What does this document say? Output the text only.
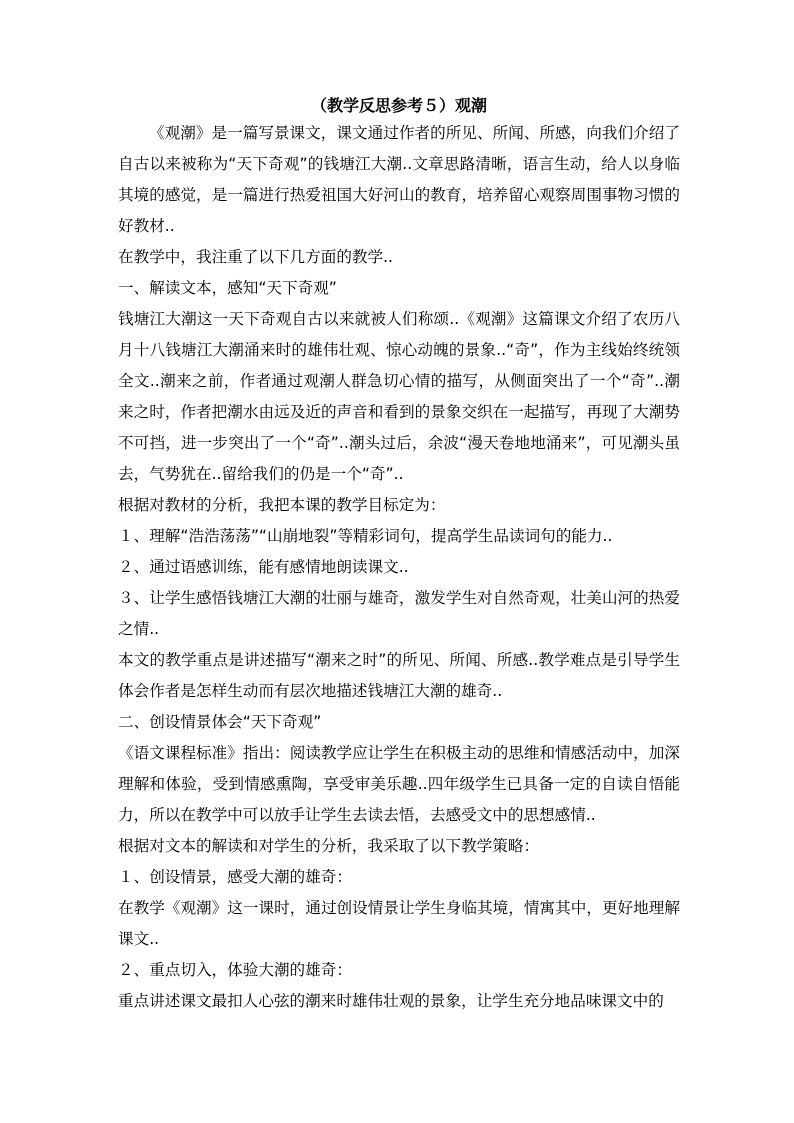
（教学反思参考５）观潮

《观潮》是一篇写景课文，课文通过作者的所见、所闻、所感，向我们介绍了自古以来被称为“天下奇观”的钱塘江大潮..文章思路清晰，语言生动，给人以身临其境的感觉，是一篇进行热爱祖国大好河山的教育，培养留心观察周围事物习惯的好教材..

在教学中，我注重了以下几方面的教学..

一、解读文本，感知“天下奇观”

钱塘江大潮这一天下奇观自古以来就被人们称颂..《观潮》这篇课文介绍了农历八月十八钱塘江大潮涌来时的雄伟壮观、惊心动魄的景象..“奇”，作为主线始终统领全文..潮来之前，作者通过观潮人群急切心情的描写，从侧面突出了一个“奇”..潮来之时，作者把潮水由远及近的声音和看到的景象交织在一起描写，再现了大潮势不可挡，进一步突出了一个“奇”..潮头过后，余波“漫天卷地地涌来”，可见潮头虽去，气势犹在..留给我们的仍是一个“奇”..

根据对教材的分析，我把本课的教学目标定为：

１、理解“浩浩荡荡”“山崩地裂”等精彩词句，提高学生品读词句的能力..

２、通过语感训练，能有感情地朗读课文..

３、让学生感悟钱塘江大潮的壮丽与雄奇，激发学生对自然奇观，壮美山河的热爱之情..

本文的教学重点是讲述描写“潮来之时”的所见、所闻、所感..教学难点是引导学生体会作者是怎样生动而有层次地描述钱塘江大潮的雄奇..

二、创设情景体会“天下奇观”

《语文课程标准》指出：阅读教学应让学生在积极主动的思维和情感活动中，加深理解和体验，受到情感熏陶，享受审美乐趣..四年级学生已具备一定的自读自悟能力，所以在教学中可以放手让学生去读去悟，去感受文中的思想感情..

根据对文本的解读和对学生的分析，我采取了以下教学策略：

１、创设情景，感受大潮的雄奇：

在教学《观潮》这一课时，通过创设情景让学生身临其境，情寓其中，更好地理解课文..

２、重点切入，体验大潮的雄奇：

重点讲述课文最扣人心弦的潮来时雄伟壮观的景象，让学生充分地品味课文中的
